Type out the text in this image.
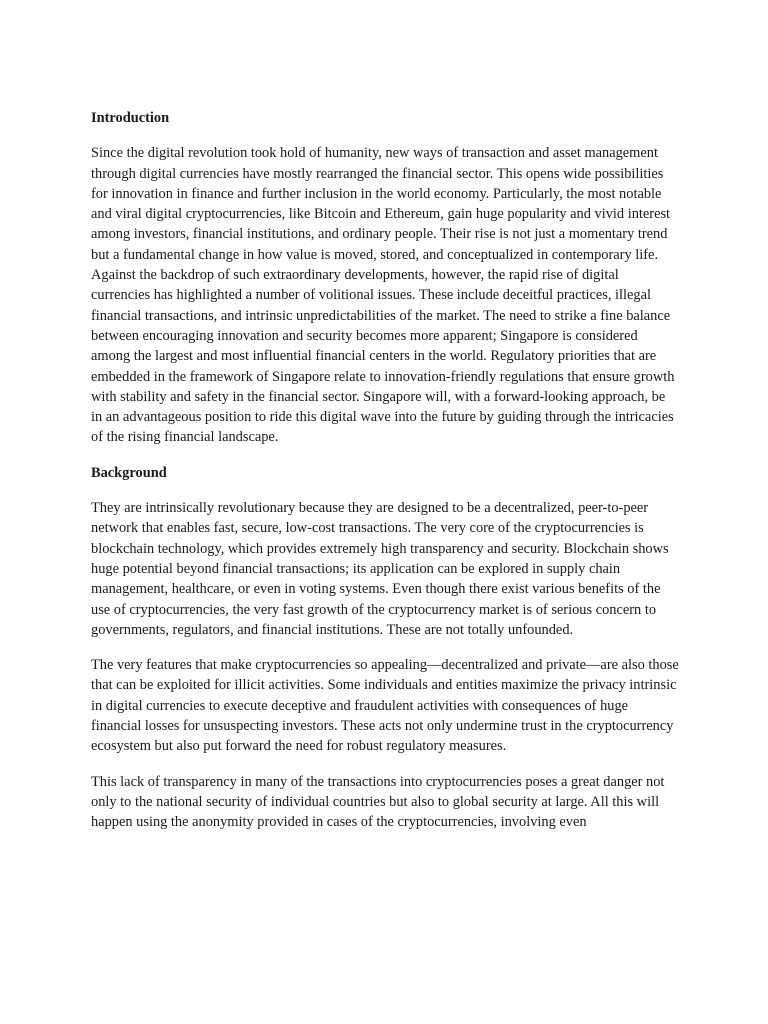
Introduction

Since the digital revolution took hold of humanity, new ways of transaction and asset management through digital currencies have mostly rearranged the financial sector. This opens wide possibilities for innovation in finance and further inclusion in the world economy. Particularly, the most notable and viral digital cryptocurrencies, like Bitcoin and Ethereum, gain huge popularity and vivid interest among investors, financial institutions, and ordinary people. Their rise is not just a momentary trend but a fundamental change in how value is moved, stored, and conceptualized in contemporary life. Against the backdrop of such extraordinary developments, however, the rapid rise of digital currencies has highlighted a number of volitional issues. These include deceitful practices, illegal financial transactions, and intrinsic unpredictabilities of the market. The need to strike a fine balance between encouraging innovation and security becomes more apparent; Singapore is considered among the largest and most influential financial centers in the world. Regulatory priorities that are embedded in the framework of Singapore relate to innovation-friendly regulations that ensure growth with stability and safety in the financial sector. Singapore will, with a forward-looking approach, be in an advantageous position to ride this digital wave into the future by guiding through the intricacies of the rising financial landscape.

Background

They are intrinsically revolutionary because they are designed to be a decentralized, peer-to-peer network that enables fast, secure, low-cost transactions. The very core of the cryptocurrencies is blockchain technology, which provides extremely high transparency and security. Blockchain shows huge potential beyond financial transactions; its application can be explored in supply chain management, healthcare, or even in voting systems. Even though there exist various benefits of the use of cryptocurrencies, the very fast growth of the cryptocurrency market is of serious concern to governments, regulators, and financial institutions. These are not totally unfounded.

The very features that make cryptocurrencies so appealing—decentralized and private—are also those that can be exploited for illicit activities. Some individuals and entities maximize the privacy intrinsic in digital currencies to execute deceptive and fraudulent activities with consequences of huge financial losses for unsuspecting investors. These acts not only undermine trust in the cryptocurrency ecosystem but also put forward the need for robust regulatory measures.

This lack of transparency in many of the transactions into cryptocurrencies poses a great danger not only to the national security of individual countries but also to global security at large. All this will happen using the anonymity provided in cases of the cryptocurrencies, involving even
